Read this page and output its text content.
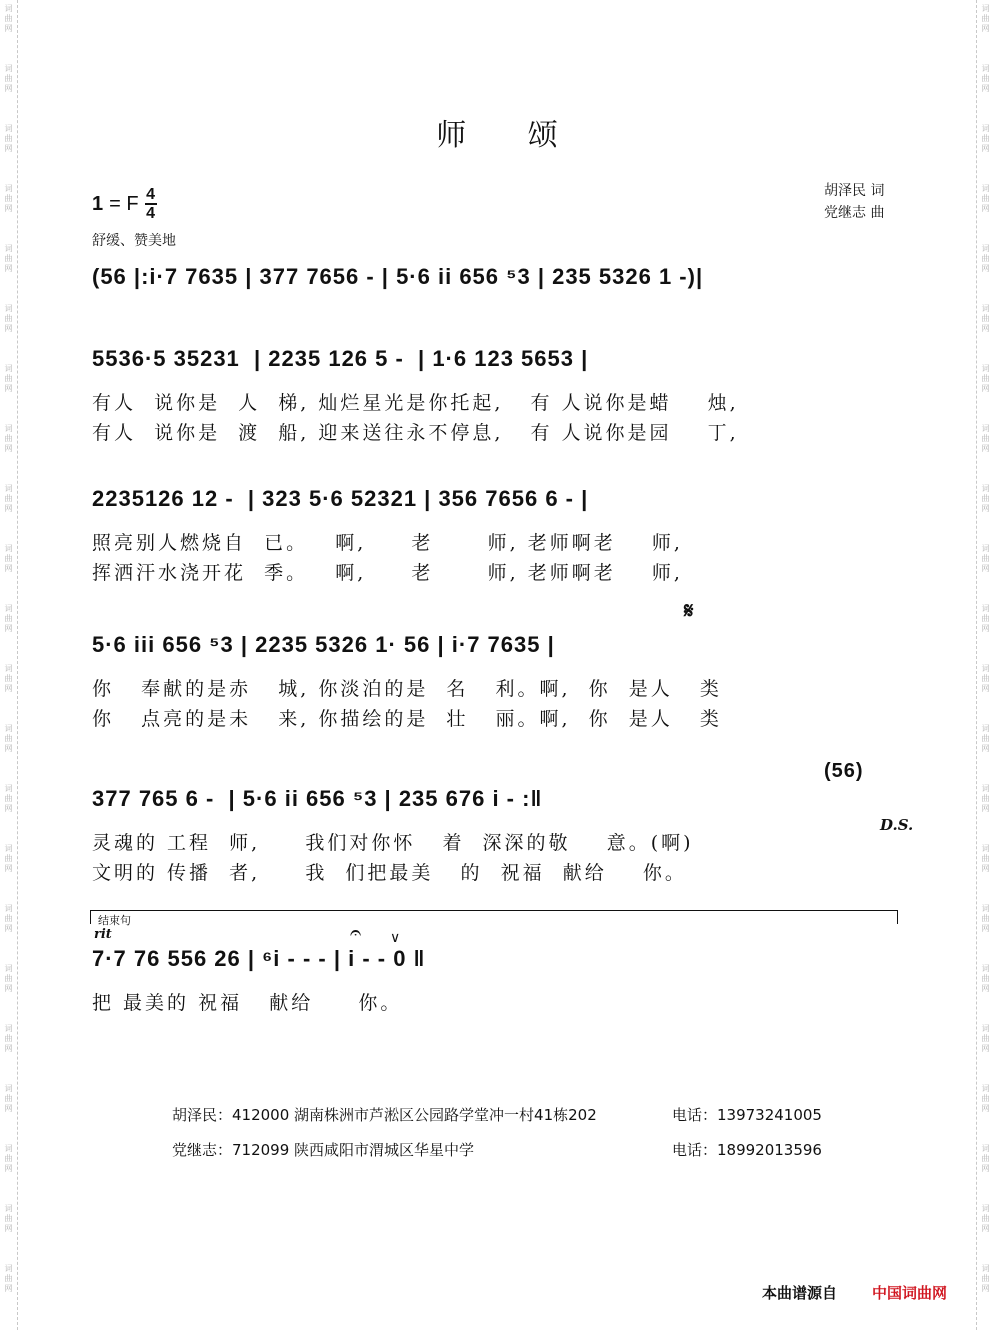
词
曲
网
词
曲
网
词
曲
网
词
曲
网
词
曲
网
词
曲
网
词
曲
网
词
曲
网
词
曲
网
词
曲
网
词
曲
网
词
曲
网
词
曲
网
词
曲
网
词
曲
网
词
曲
网
词
曲
网
词
曲
网
词
曲
网
词
曲
网
词
曲
网
词
曲
网
词
曲
网
词
曲
网
词
曲
网
词
曲
网
词
曲
网
词
曲
网
词
曲
网
词
曲
网
词
曲
网
词
曲
网
词
曲
网
词
曲
网
词
曲
网
词
曲
网
词
曲
网
词
曲
网
词
曲
网
词
曲
网
词
曲
网
词
曲
网
词
曲
网
词
曲
网
师 颂
胡泽民 词
党继志 曲
1 = F 4
4
舒缓、赞美地
(56 |:i·7 7635 | 377 7656 - | 5·6 ii 656 ⁵3 | 235 5326 1 -)|
5536·5 35231  | 2235 126 5 -  | 1·6 123 5653 |
有人  说你是  人  梯, 灿烂星光是你托起,   有 人说你是蜡    烛,
有人  说你是  渡  船, 迎来送往永不停息,   有 人说你是园    丁,
2235126 12 -  | 323 5·6 52321 | 356 7656 6 - |
照亮别人燃烧自  已。   啊,     老      师, 老师啊老    师,
挥洒汗水浇开花  季。   啊,     老      师, 老师啊老    师,
𝄋
5·6 iii 656 ⁵3 | 2235 5326 1· 56 | i·7 7635 |
你   奉献的是赤   城, 你淡泊的是  名   利。啊,  你  是人   类
你   点亮的是未   来, 你描绘的是  壮   丽。啊,  你  是人   类
(56)
377 765 6 -  | 5·6 ii 656 ⁵3 | 235 676 i - :‖
D.S.
灵魂的 工程  师,     我们对你怀   着  深深的敬    意。(啊)
文明的 传播  者,     我  们把最美   的  祝福  献给    你。
结束句
rit	𝄐 ∨
7·7 76 556 26 | ⁶i - - - | i - - 0 ‖
把 最美的 祝福   献给     你。
胡泽民：412000 湖南株洲市芦淞区公园路学堂冲一村41栋202	电话：13973241005
党继志：712099 陕西咸阳市渭城区华星中学	电话：18992013596
本曲谱源自 中国词曲网
